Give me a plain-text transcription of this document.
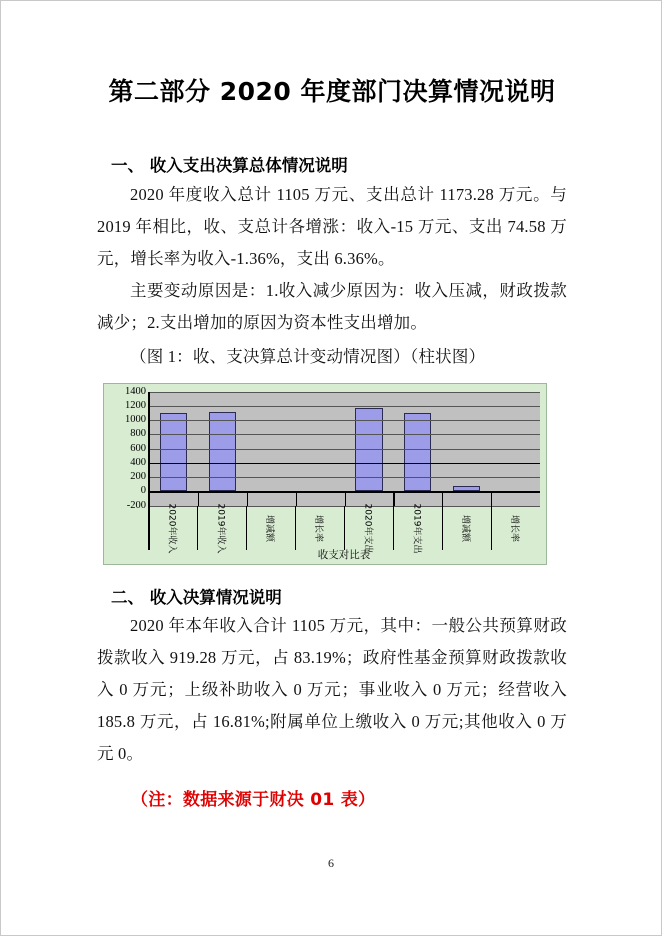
第二部分 2020 年度部门决算情况说明
一、 收入支出决算总体情况说明

2020 年度收入总计 1105 万元、支出总计 1173.28 万元。与 2019 年相比，收、支总计各增涨：收入-15 万元、支出 74.58 万元，增长率为收入-1.36%，支出 6.36%。

主要变动原因是：1.收入减少原因为：收入压减，财政拨款减少；2.支出增加的原因为资本性支出增加。

（图 1：收、支决算总计变动情况图）（柱状图）

1400
1200
1000
800
600
400
200
0
-200 2020年收入	2019年收入	增减额	增长率	2020年支出	2019年支出	增减额	增长率
收支对比表
二、 收入决算情况说明

2020 年本年收入合计 1105 万元，其中：一般公共预算财政拨款收入 919.28 万元，占 83.19%；政府性基金预算财政拨款收入 0 万元；上级补助收入 0 万元；事业收入 0 万元；经营收入 185.8 万元，占 16.81%;附属单位上缴收入 0 万元;其他收入 0 万元 0。

（注：数据来源于财决 01 表）

6
